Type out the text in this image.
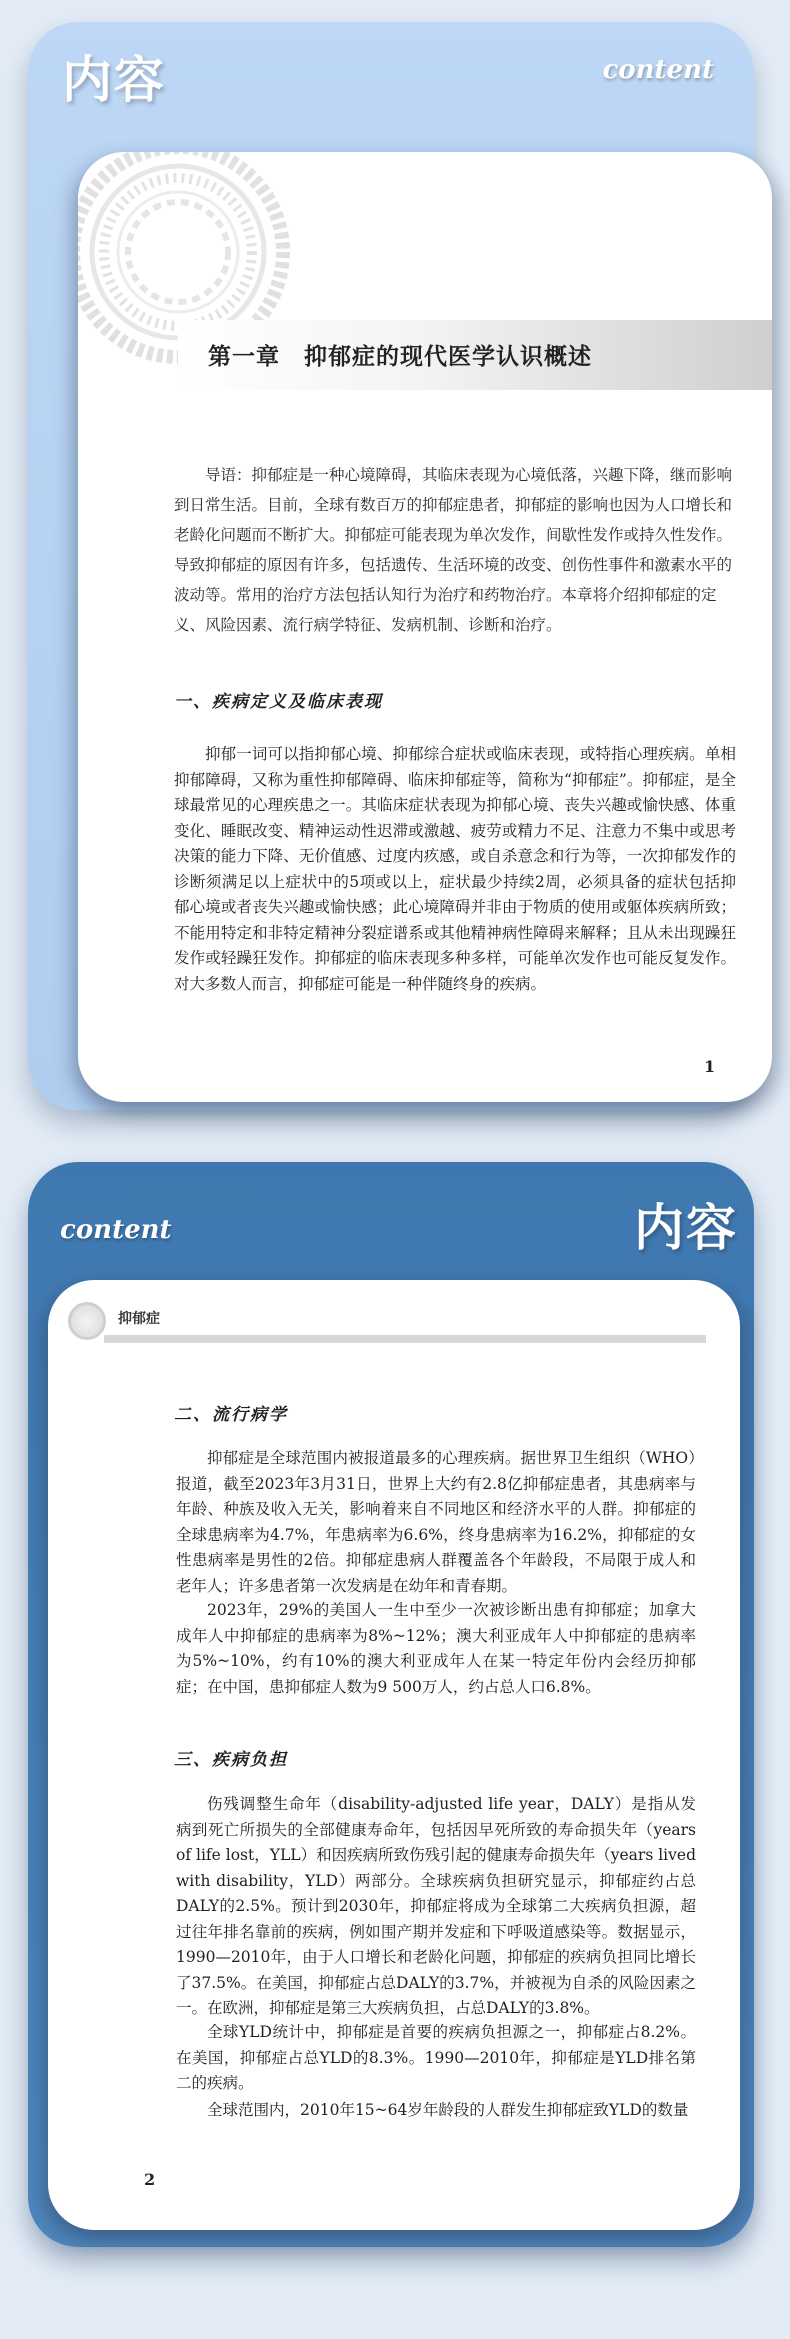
内容	content
第一章　抑郁症的现代医学认识概述

导语：抑郁症是一种心境障碍，其临床表现为心境低落，兴趣下降，继而影响到日常生活。目前，全球有数百万的抑郁症患者，抑郁症的影响也因为人口增长和老龄化问题而不断扩大。抑郁症可能表现为单次发作，间歇性发作或持久性发作。导致抑郁症的原因有许多，包括遗传、生活环境的改变、创伤性事件和激素水平的波动等。常用的治疗方法包括认知行为治疗和药物治疗。本章将介绍抑郁症的定义、风险因素、流行病学特征、发病机制、诊断和治疗。

一、疾病定义及临床表现

抑郁一词可以指抑郁心境、抑郁综合症状或临床表现，或特指心理疾病。单相抑郁障碍，又称为重性抑郁障碍、临床抑郁症等，简称为“抑郁症”。抑郁症，是全球最常见的心理疾患之一。其临床症状表现为抑郁心境、丧失兴趣或愉快感、体重变化、睡眠改变、精神运动性迟滞或激越、疲劳或精力不足、注意力不集中或思考决策的能力下降、无价值感、过度内疚感，或自杀意念和行为等，一次抑郁发作的诊断须满足以上症状中的5项或以上，症状最少持续2周，必须具备的症状包括抑郁心境或者丧失兴趣或愉快感；此心境障碍并非由于物质的使用或躯体疾病所致；不能用特定和非特定精神分裂症谱系或其他精神病性障碍来解释；且从未出现躁狂发作或轻躁狂发作。抑郁症的临床表现多种多样，可能单次发作也可能反复发作。对大多数人而言，抑郁症可能是一种伴随终身的疾病。

1
content	内容
抑郁症
二、流行病学

抑郁症是全球范围内被报道最多的心理疾病。据世界卫生组织（WHO）报道，截至2023年3月31日，世界上大约有2.8亿抑郁症患者，其患病率与年龄、种族及收入无关，影响着来自不同地区和经济水平的人群。抑郁症的全球患病率为4.7%，年患病率为6.6%，终身患病率为16.2%，抑郁症的女性患病率是男性的2倍。抑郁症患病人群覆盖各个年龄段，不局限于成人和老年人；许多患者第一次发病是在幼年和青春期。

2023年，29%的美国人一生中至少一次被诊断出患有抑郁症；加拿大成年人中抑郁症的患病率为8%~12%；澳大利亚成年人中抑郁症的患病率为5%~10%，约有10%的澳大利亚成年人在某一特定年份内会经历抑郁症；在中国，患抑郁症人数为9 500万人，约占总人口6.8%。

三、疾病负担

伤残调整生命年（disability-adjusted life year，DALY）是指从发病到死亡所损失的全部健康寿命年，包括因早死所致的寿命损失年（years of life lost，YLL）和因疾病所致伤残引起的健康寿命损失年（years lived with disability，YLD）两部分。全球疾病负担研究显示，抑郁症约占总DALY的2.5%。预计到2030年，抑郁症将成为全球第二大疾病负担源，超过往年排名靠前的疾病，例如围产期并发症和下呼吸道感染等。数据显示，1990—2010年，由于人口增长和老龄化问题，抑郁症的疾病负担同比增长了37.5%。在美国，抑郁症占总DALY的3.7%，并被视为自杀的风险因素之一。在欧洲，抑郁症是第三大疾病负担，占总DALY的3.8%。

全球YLD统计中，抑郁症是首要的疾病负担源之一，抑郁症占8.2%。在美国，抑郁症占总YLD的8.3%。1990—2010年，抑郁症是YLD排名第二的疾病。

全球范围内，2010年15~64岁年龄段的人群发生抑郁症致YLD的数量

2
